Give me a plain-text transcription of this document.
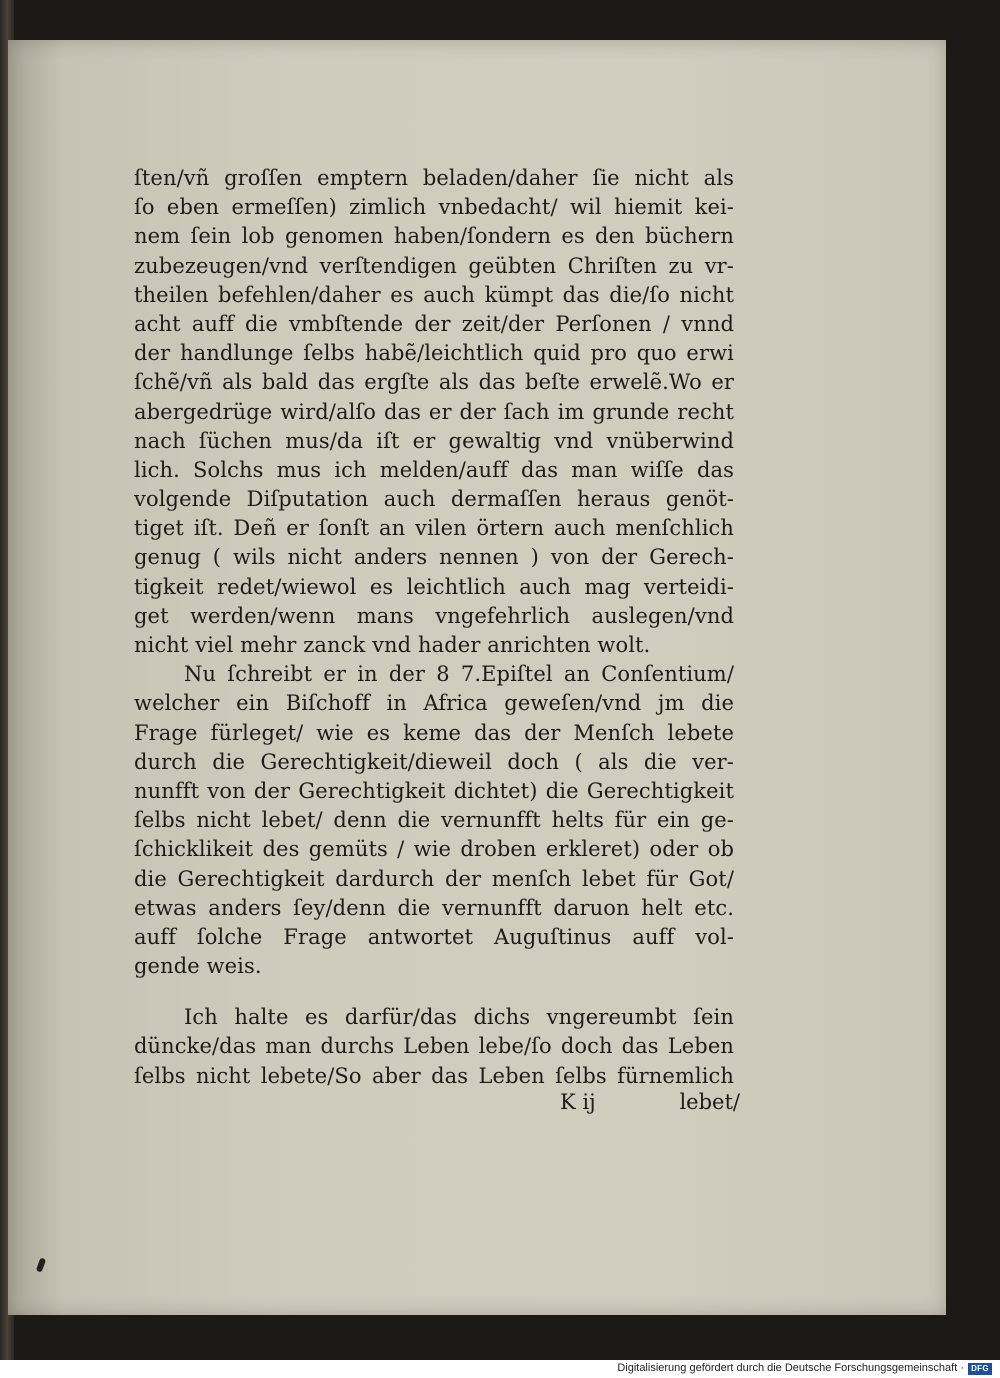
ſten/vñ groſſen emptern beladen/daher ſie nicht als
ſo eben ermeſſen) zimlich vnbedacht/ wil hiemit kei-
nem ſein lob genomen haben/ſondern es den büchern
zubezeugen/vnd verſtendigen geübten Chriſten zu vr-
theilen befehlen/daher es auch kümpt das die/ſo nicht
acht auff die vmbſtende der zeit/der Perſonen / vnnd
der handlunge ſelbs habẽ/leichtlich quid pro quo erwi
ſchẽ/vñ als bald das ergſte als das beſte erwelẽ.Wo er
abergedrüge wird/alſo das er der ſach im grunde recht
nach ſüchen mus/da iſt er gewaltig vnd vnüberwind
lich. Solchs mus ich melden/auff das man wiſſe das
volgende Diſputation auch dermaſſen heraus genöt-
tiget iſt. Deñ er ſonſt an vilen örtern auch menſchlich
genug ( wils nicht anders nennen ) von der Gerech-
tigkeit redet/wiewol es leichtlich auch mag verteidi-
get werden/wenn mans vngefehrlich auslegen/vnd
nicht viel mehr zanck vnd hader anrichten wolt.
Nu ſchreibt er in der 8 7.Epiſtel an Conſentium/
welcher ein Biſchoff in Africa geweſen/vnd jm die
Frage fürleget/ wie es keme das der Menſch lebete
durch die Gerechtigkeit/dieweil doch ( als die ver-
nunfft von der Gerechtigkeit dichtet) die Gerechtigkeit
ſelbs nicht lebet/ denn die vernunfft helts für ein ge-
ſchicklikeit des gemüts / wie droben erkleret) oder ob
die Gerechtigkeit dardurch der menſch lebet für Got/
etwas anders ſey/denn die vernunfft daruon helt etc.
auff ſolche Frage antwortet Auguſtinus auff vol-
gende weis.
Ich halte es darfür/das dichs vngereumbt ſein
düncke/das man durchs Leben lebe/ſo doch das Leben
ſelbs nicht lebete/So aber das Leben ſelbs fürnemlich
K ij	lebet/
Digitalisierung gefördert durch die Deutsche Forschungsgemeinschaft · DFG
